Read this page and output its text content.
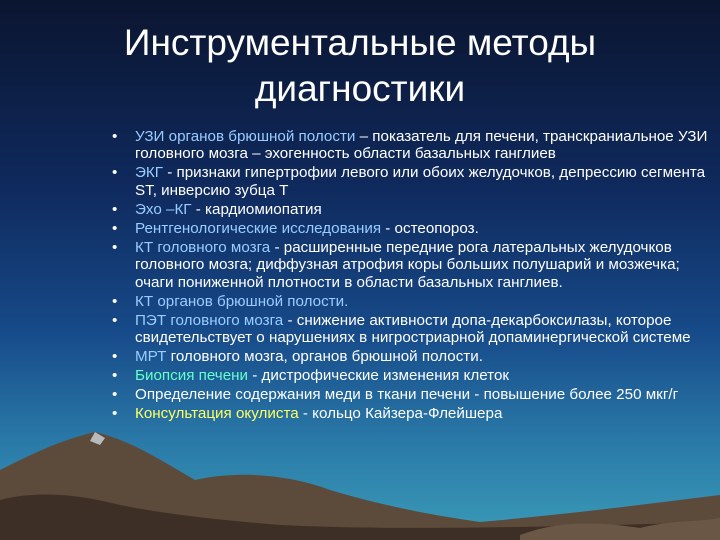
Инструментальные методы
диагностики
• УЗИ органов брюшной полости – показатель для печени, транскраниальное УЗИ головного мозга – эхогенность области базальных ганглиев
• ЭКГ - признаки гипертрофии левого или обоих желудочков, депрессию сегмента ST, инверсию зубца Т
• Эхо –КГ - кардиомиопатия
• Рентгенологические исследования - остеопороз.
• КТ головного мозга - расширенные передние рога латеральных желудочков головного мозга; диффузная атрофия коры больших полушарий и мозжечка; очаги пониженной плотности в области базальных ганглиев.
• КТ органов брюшной полости.
• ПЭТ головного мозга - снижение активности допа-декарбоксилазы, которое свидетельствует о нарушениях в нигростриарной допаминергической системе
• МРТ головного мозга, органов брюшной полости.
• Биопсия печени - дистрофические изменения клеток
• Определение содержания меди в ткани печени - повышение более 250 мкг/г
• Консультация окулиста - кольцо Кайзера-Флейшера
